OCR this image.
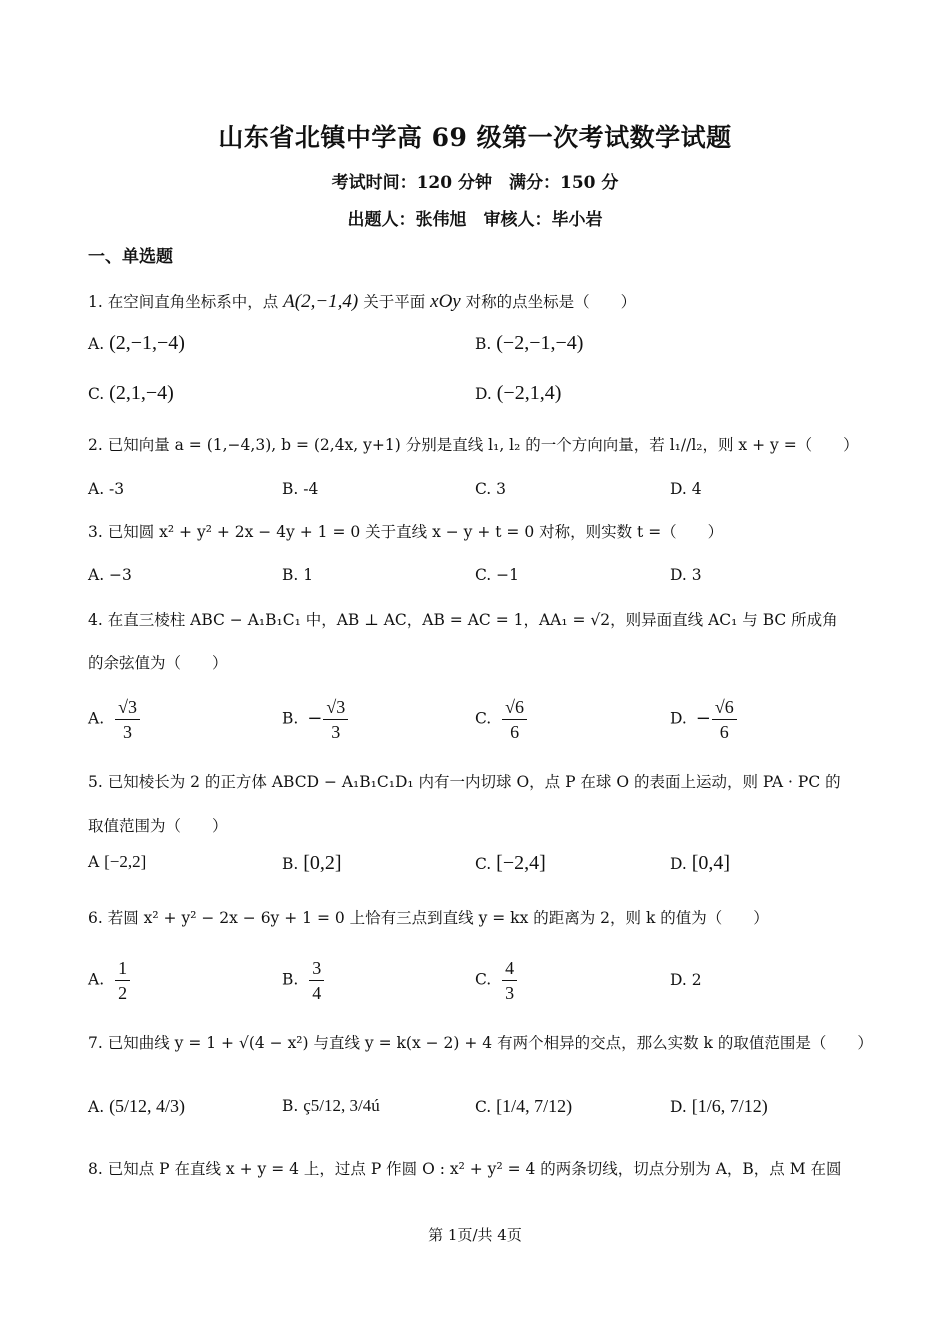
山东省北镇中学高 69 级第一次考试数学试题
考试时间：120 分钟　满分：150 分
出题人：张伟旭　审核人：毕小岩
一、单选题
1. 在空间直角坐标系中，点 A(2,−1,4) 关于平面 xOy 对称的点坐标是（　　）
A. (2,−1,−4)	B. (−2,−1,−4)
C. (2,1,−4)	D. (−2,1,4)
2. 已知向量 a = (1,−4,3), b = (2,4x, y+1) 分别是直线 l₁, l₂ 的一个方向向量，若 l₁//l₂，则 x + y =（　　）
A. -3	B. -4	C. 3	D. 4
3. 已知圆 x² + y² + 2x − 4y + 1 = 0 关于直线 x − y + t = 0 对称，则实数 t =（　　）
A. −3	B. 1	C. −1	D. 3
4. 在直三棱柱 ABC − A₁B₁C₁ 中，AB ⊥ AC，AB = AC = 1，AA₁ = √2，则异面直线 AC₁ 与 BC 所成角
的余弦值为（　　）
A. $\frac{√3}{3}$	B. − $\frac{√3}{3}$	C. $\frac{√6}{6}$	D. − $\frac{√6}{6}$
5. 已知棱长为 2 的正方体 ABCD − A₁B₁C₁D₁ 内有一内切球 O，点 P 在球 O 的表面上运动，则 PA · PC 的
取值范围为（　　）
A [−2,2]	B. [0,2]	C. [−2,4]	D. [0,4]
6. 若圆 x² + y² − 2x − 6y + 1 = 0 上恰有三点到直线 y = kx 的距离为 2，则 k 的值为（　　）
A. $\frac{1}{2}$	B. $\frac{3}{4}$	C. $\frac{4}{3}$	D. 2
7. 已知曲线 y = 1 + √(4 − x²) 与直线 y = k(x − 2) + 4 有两个相异的交点，那么实数 k 的取值范围是（　　）
A. (5/12, 4/3)	B. ç5/12, 3/4ú	C. [1/4, 7/12)	D. [1/6, 7/12)
8. 已知点 P 在直线 x + y = 4 上，过点 P 作圆 O : x² + y² = 4 的两条切线，切点分别为 A，B，点 M 在圆
第 1页/共 4页
